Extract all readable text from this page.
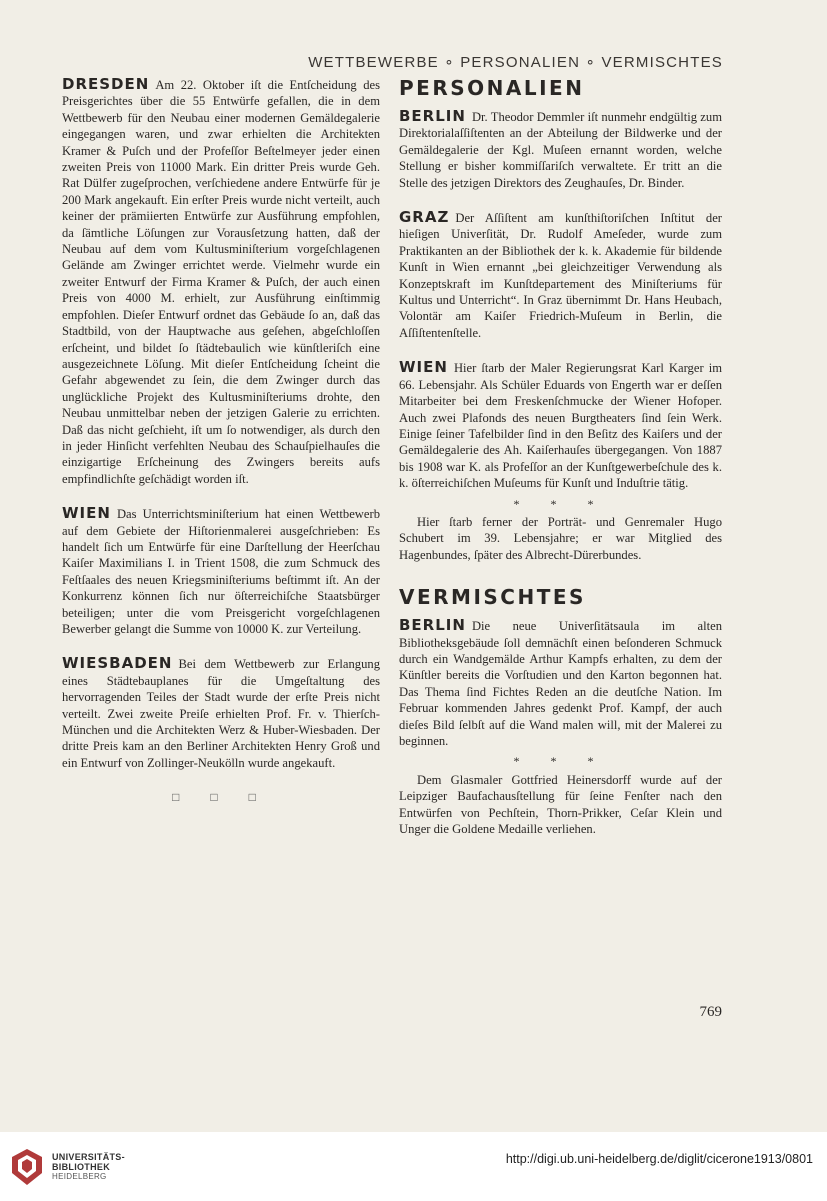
WETTBEWERBE ∘ PERSONALIEN ∘ VERMISCHTES

DRESDEN Am 22. Oktober iſt die Entſcheidung des Preisgerichtes über die 55 Entwürfe gefallen, die in dem Wettbewerb für den Neubau einer modernen Gemäldegalerie eingegangen waren, und zwar erhielten die Architekten Kramer & Puſch und der Profeſſor Beſtelmeyer jeder einen zweiten Preis von 11000 Mark. Ein dritter Preis wurde Geh. Rat Dülfer zugeſprochen, verſchiedene andere Entwürfe für je 200 Mark angekauft. Ein erſter Preis wurde nicht verteilt, auch keiner der prämiierten Entwürfe zur Ausführung empfohlen, da ſämtliche Löſungen zur Vorausſetzung hatten, daß der Neubau auf dem vom Kultusminiſterium vorgeſchlagenen Gelände am Zwinger errichtet werde. Vielmehr wurde ein zweiter Entwurf der Firma Kramer & Puſch, der auch einen Preis von 4000 M. erhielt, zur Ausführung einſtimmig empfohlen. Dieſer Entwurf ordnet das Gebäude ſo an, daß das Stadtbild, von der Hauptwache aus geſehen, abgeſchloſſen erſcheint, und bildet ſo ſtädtebaulich wie künſtleriſch eine ausgezeichnete Löſung. Mit dieſer Entſcheidung ſcheint die Gefahr abgewendet zu ſein, die dem Zwinger durch das unglückliche Projekt des Kultusminiſteriums drohte, den Neubau unmittelbar neben der jetzigen Galerie zu errichten. Daß das nicht geſchieht, iſt um ſo notwendiger, als durch den in jeder Hinſicht verfehlten Neubau des Schauſpielhauſes die einzigartige Erſcheinung des Zwingers bereits aufs empfindlichſte geſchädigt worden iſt.

WIEN Das Unterrichtsminiſterium hat einen Wettbewerb auf dem Gebiete der Hiſtorienmalerei ausgeſchrieben: Es handelt ſich um Entwürfe für eine Darſtellung der Heerſchau Kaiſer Maximilians I. in Trient 1508, die zum Schmuck des Feſtſaales des neuen Kriegsminiſteriums beſtimmt iſt. An der Konkurrenz können ſich nur öſterreichiſche Staatsbürger beteiligen; unter die vom Preisgericht vorgeſchlagenen Bewerber gelangt die Summe von 10000 K. zur Verteilung.

WIESBADEN Bei dem Wettbewerb zur Erlangung eines Städtebauplanes für die Umgeſtaltung des hervorragenden Teiles der Stadt wurde der erſte Preis nicht verteilt. Zwei zweite Preiſe erhielten Prof. Fr. v. Thierſch-München und die Architekten Werz & Huber-Wiesbaden. Der dritte Preis kam an den Berliner Architekten Henry Groß und ein Entwurf von Zollinger-Neukölln wurde angekauft.

□ □ □
PERSONALIEN

BERLIN Dr. Theodor Demmler iſt nunmehr endgültig zum Direktorialaſſiſtenten an der Abteilung der Bildwerke und der Gemäldegalerie der Kgl. Muſeen ernannt worden, welche Stellung er bisher kommiſſariſch verwaltete. Er tritt an die Stelle des jetzigen Direktors des Zeughauſes, Dr. Binder.

GRAZ Der Aſſiſtent am kunſthiſtoriſchen Inſtitut der hieſigen Univerſität, Dr. Rudolf Ameſeder, wurde zum Praktikanten an der Bibliothek der k. k. Akademie für bildende Kunſt in Wien ernannt „bei gleichzeitiger Verwendung als Konzeptskraft im Kunſtdepartement des Miniſteriums für Kultus und Unterricht“. In Graz übernimmt Dr. Hans Heubach, Volontär am Kaiſer Friedrich-Muſeum in Berlin, die Aſſiſtentenſtelle.

WIEN Hier ſtarb der Maler Regierungsrat Karl Karger im 66. Lebensjahr. Als Schüler Eduards von Engerth war er deſſen Mitarbeiter bei dem Freskenſchmucke der Wiener Hofoper. Auch zwei Plafonds des neuen Burgtheaters ſind ſein Werk. Einige ſeiner Tafelbilder ſind in den Beſitz des Kaiſers und der Gemäldegalerie des Ah. Kaiſerhauſes übergegangen. Von 1887 bis 1908 war K. als Profeſſor an der Kunſtgewerbeſchule des k. k. öſterreichiſchen Muſeums für Kunſt und Induſtrie tätig.

* * *

Hier ſtarb ferner der Porträt- und Genremaler Hugo Schubert im 39. Lebensjahre; er war Mitglied des Hagenbundes, ſpäter des Albrecht-Dürerbundes.

VERMISCHTES

BERLIN Die neue Univerſitätsaula im alten Bibliotheksgebäude ſoll demnächſt einen beſonderen Schmuck durch ein Wandgemälde Arthur Kampfs erhalten, zu dem der Künſtler bereits die Vorſtudien und den Karton begonnen hat. Das Thema ſind Fichtes Reden an die deutſche Nation. Im Februar kommenden Jahres gedenkt Prof. Kampf, der auch dieſes Bild ſelbſt auf die Wand malen will, mit der Malerei zu beginnen.

* * *

Dem Glasmaler Gottfried Heinersdorff wurde auf der Leipziger Baufachausſtellung für ſeine Fenſter nach den Entwürfen von Pechſtein, Thorn-Prikker, Ceſar Klein und Unger die Goldene Medaille verliehen.

769
UNIVERSITÄTS-
BIBLIOTHEK
HEIDELBERG
http://digi.ub.uni-heidelberg.de/diglit/cicerone1913/0801
